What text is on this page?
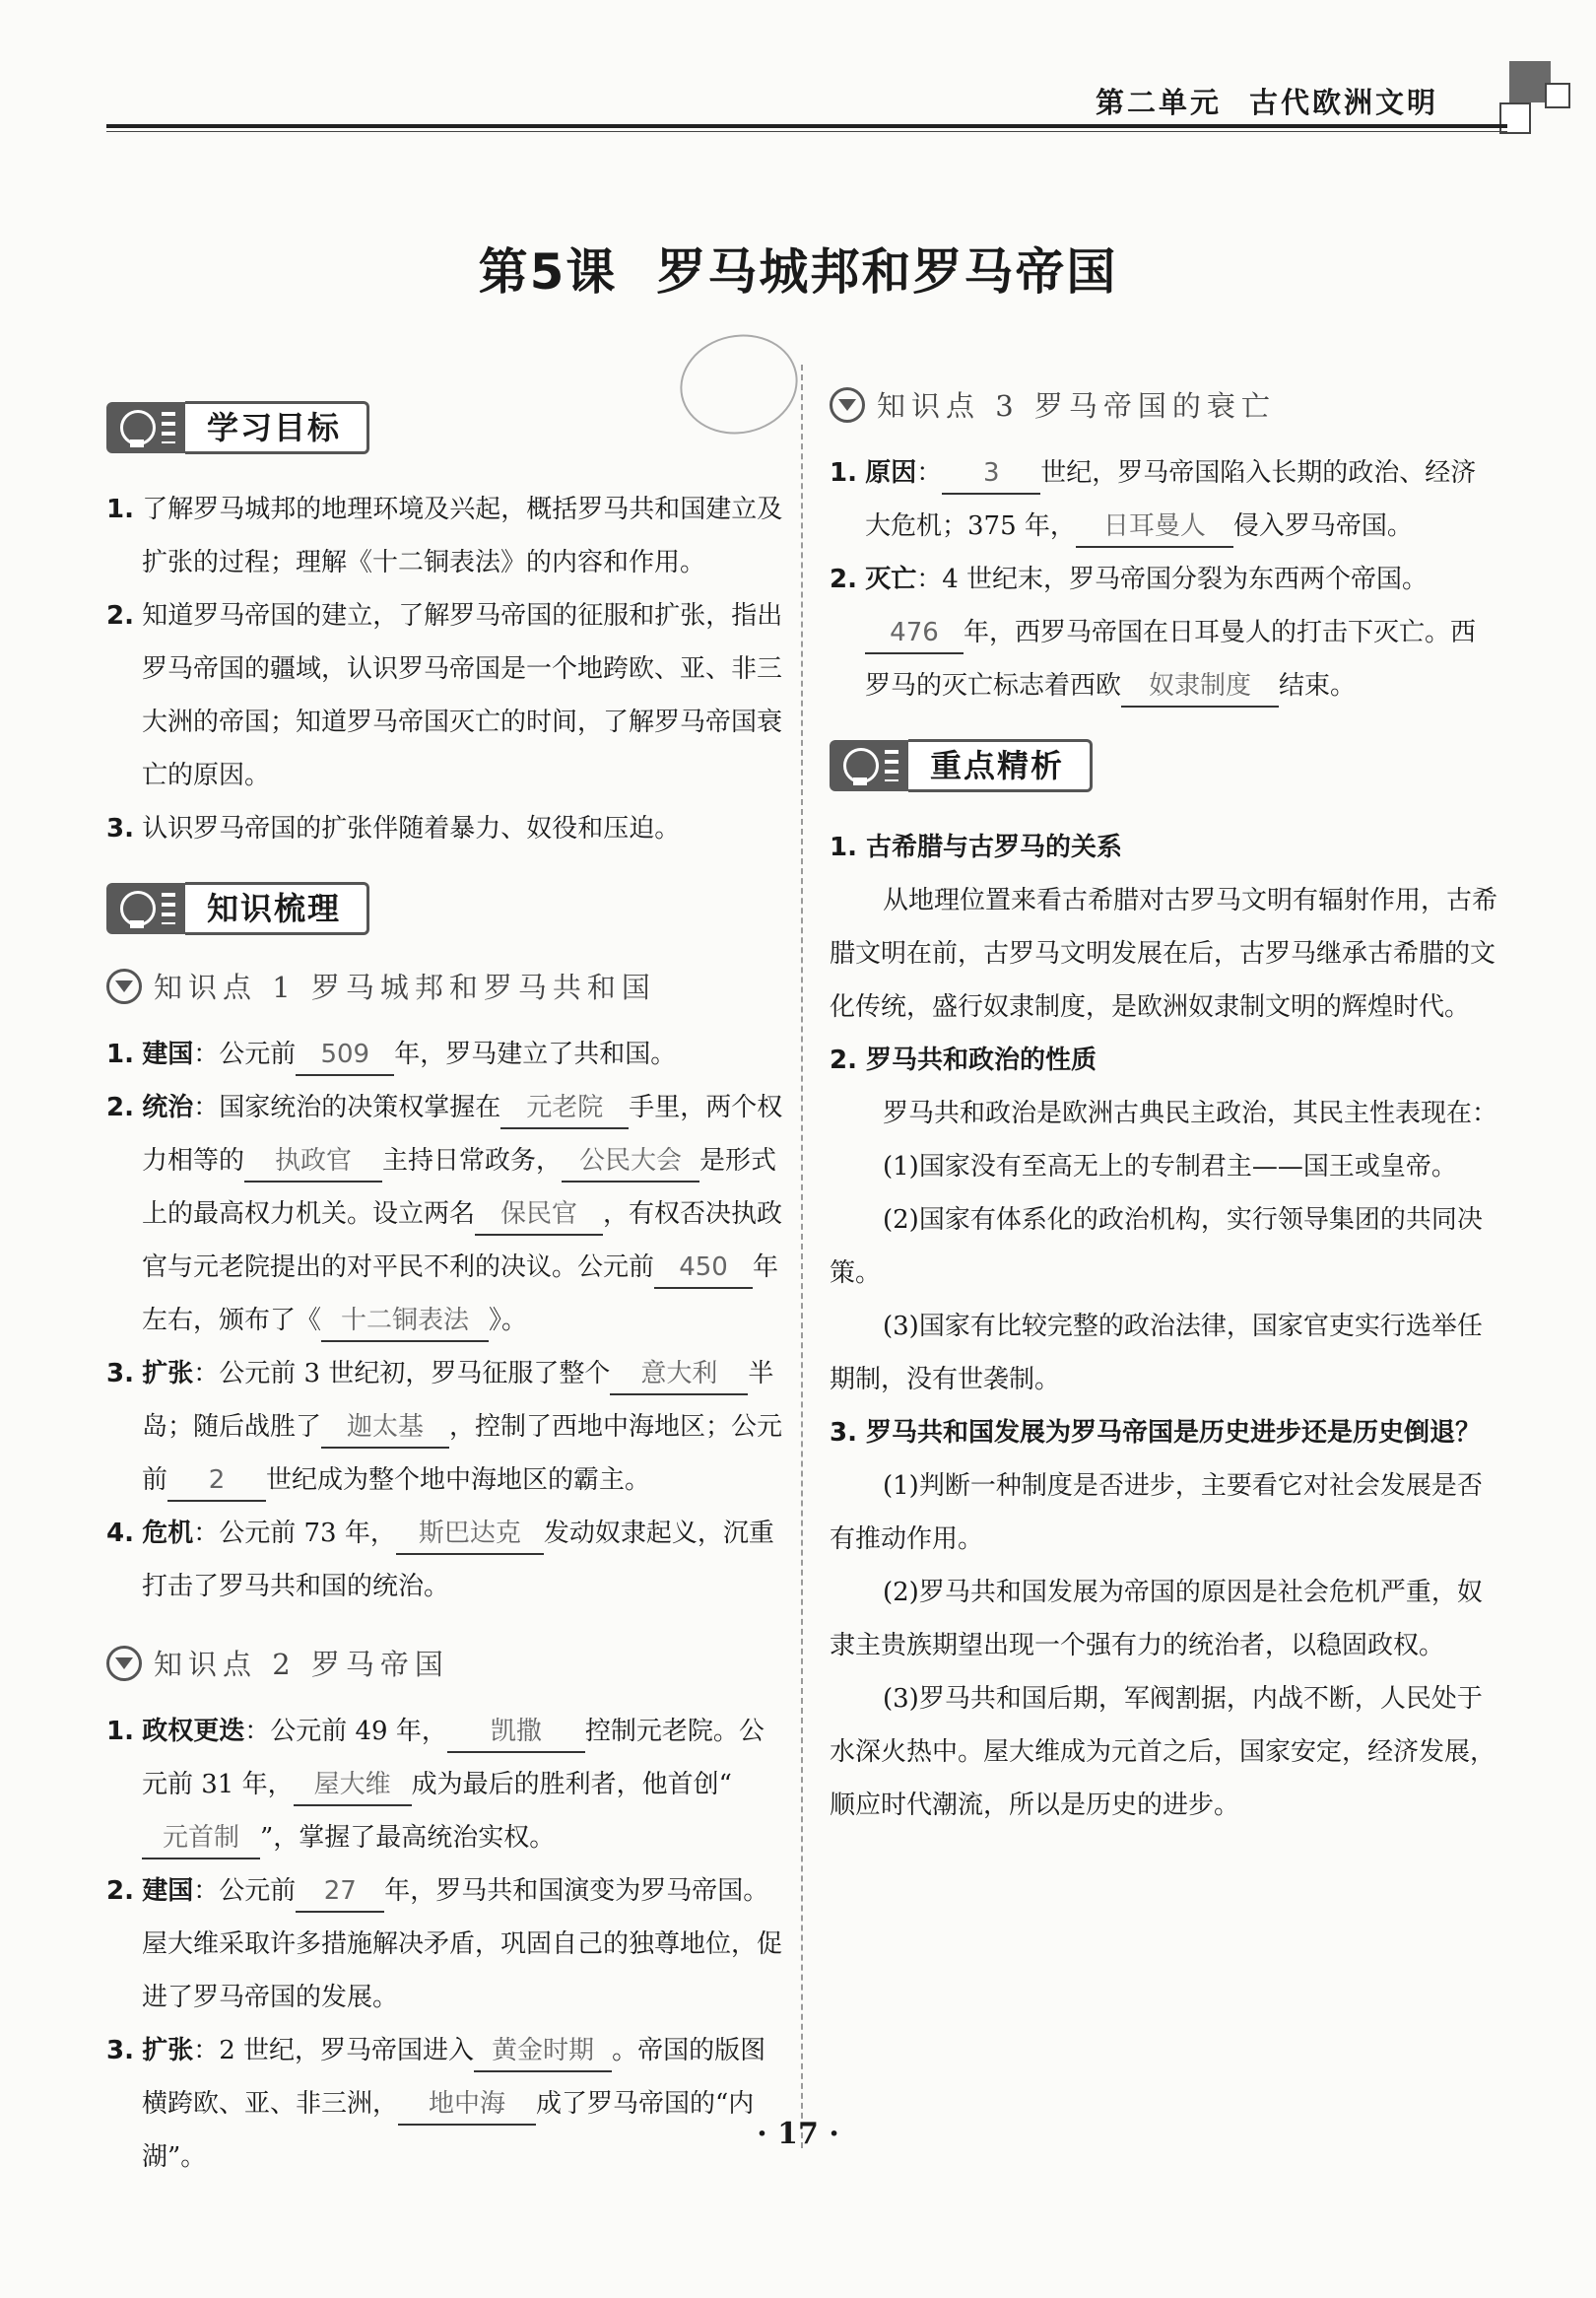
第二单元 古代欧洲文明
第5课 罗马城邦和罗马帝国
学习目标

1. 了解罗马城邦的地理环境及兴起，概括罗马共和国建立及扩张的过程；理解《十二铜表法》的内容和作用。

2. 知道罗马帝国的建立，了解罗马帝国的征服和扩张，指出罗马帝国的疆域，认识罗马帝国是一个地跨欧、亚、非三大洲的帝国；知道罗马帝国灭亡的时间，了解罗马帝国衰亡的原因。

3. 认识罗马帝国的扩张伴随着暴力、奴役和压迫。

知识梳理
知识点 1 罗马城邦和罗马共和国

1. 建国：公元前 509 年，罗马建立了共和国。

2. 统治：国家统治的决策权掌握在 元老院 手里，两个权力相等的 执政官 主持日常政务， 公民大会 是形式上的最高权力机关。设立两名 保民官 ，有权否决执政官与元老院提出的对平民不利的决议。公元前 450 年左右，颁布了《 十二铜表法 》。

3. 扩张：公元前 3 世纪初，罗马征服了整个 意大利 半岛；随后战胜了 迦太基 ，控制了西地中海地区；公元前 2 世纪成为整个地中海地区的霸主。

4. 危机：公元前 73 年， 斯巴达克 发动奴隶起义，沉重打击了罗马共和国的统治。

知识点 2 罗马帝国

1. 政权更迭：公元前 49 年， 凯撒 控制元老院。公元前 31 年， 屋大维 成为最后的胜利者，他首创“元首制 ”，掌握了最高统治实权。

2. 建国：公元前 27 年，罗马共和国演变为罗马帝国。屋大维采取许多措施解决矛盾，巩固自己的独尊地位，促进了罗马帝国的发展。

3. 扩张：2 世纪，罗马帝国进入 黄金时期 。帝国的版图横跨欧、亚、非三洲， 地中海 成了罗马帝国的“内湖”。

知识点 3 罗马帝国的衰亡

1. 原因： 3 世纪，罗马帝国陷入长期的政治、经济大危机；375 年， 日耳曼人 侵入罗马帝国。

2. 灭亡：4 世纪末，罗马帝国分裂为东西两个帝国。476 年，西罗马帝国在日耳曼人的打击下灭亡。西罗马的灭亡标志着西欧 奴隶制度 结束。

重点精析

1. 古希腊与古罗马的关系

从地理位置来看古希腊对古罗马文明有辐射作用，古希腊文明在前，古罗马文明发展在后，古罗马继承古希腊的文化传统，盛行奴隶制度，是欧洲奴隶制文明的辉煌时代。

2. 罗马共和政治的性质

罗马共和政治是欧洲古典民主政治，其民主性表现在：

(1)国家没有至高无上的专制君主——国王或皇帝。

(2)国家有体系化的政治机构，实行领导集团的共同决策。

(3)国家有比较完整的政治法律，国家官吏实行选举任期制，没有世袭制。

3. 罗马共和国发展为罗马帝国是历史进步还是历史倒退？

(1)判断一种制度是否进步，主要看它对社会发展是否有推动作用。

(2)罗马共和国发展为帝国的原因是社会危机严重，奴隶主贵族期望出现一个强有力的统治者，以稳固政权。

(3)罗马共和国后期，军阀割据，内战不断，人民处于水深火热中。屋大维成为元首之后，国家安定，经济发展，顺应时代潮流，所以是历史的进步。

· 17 ·
